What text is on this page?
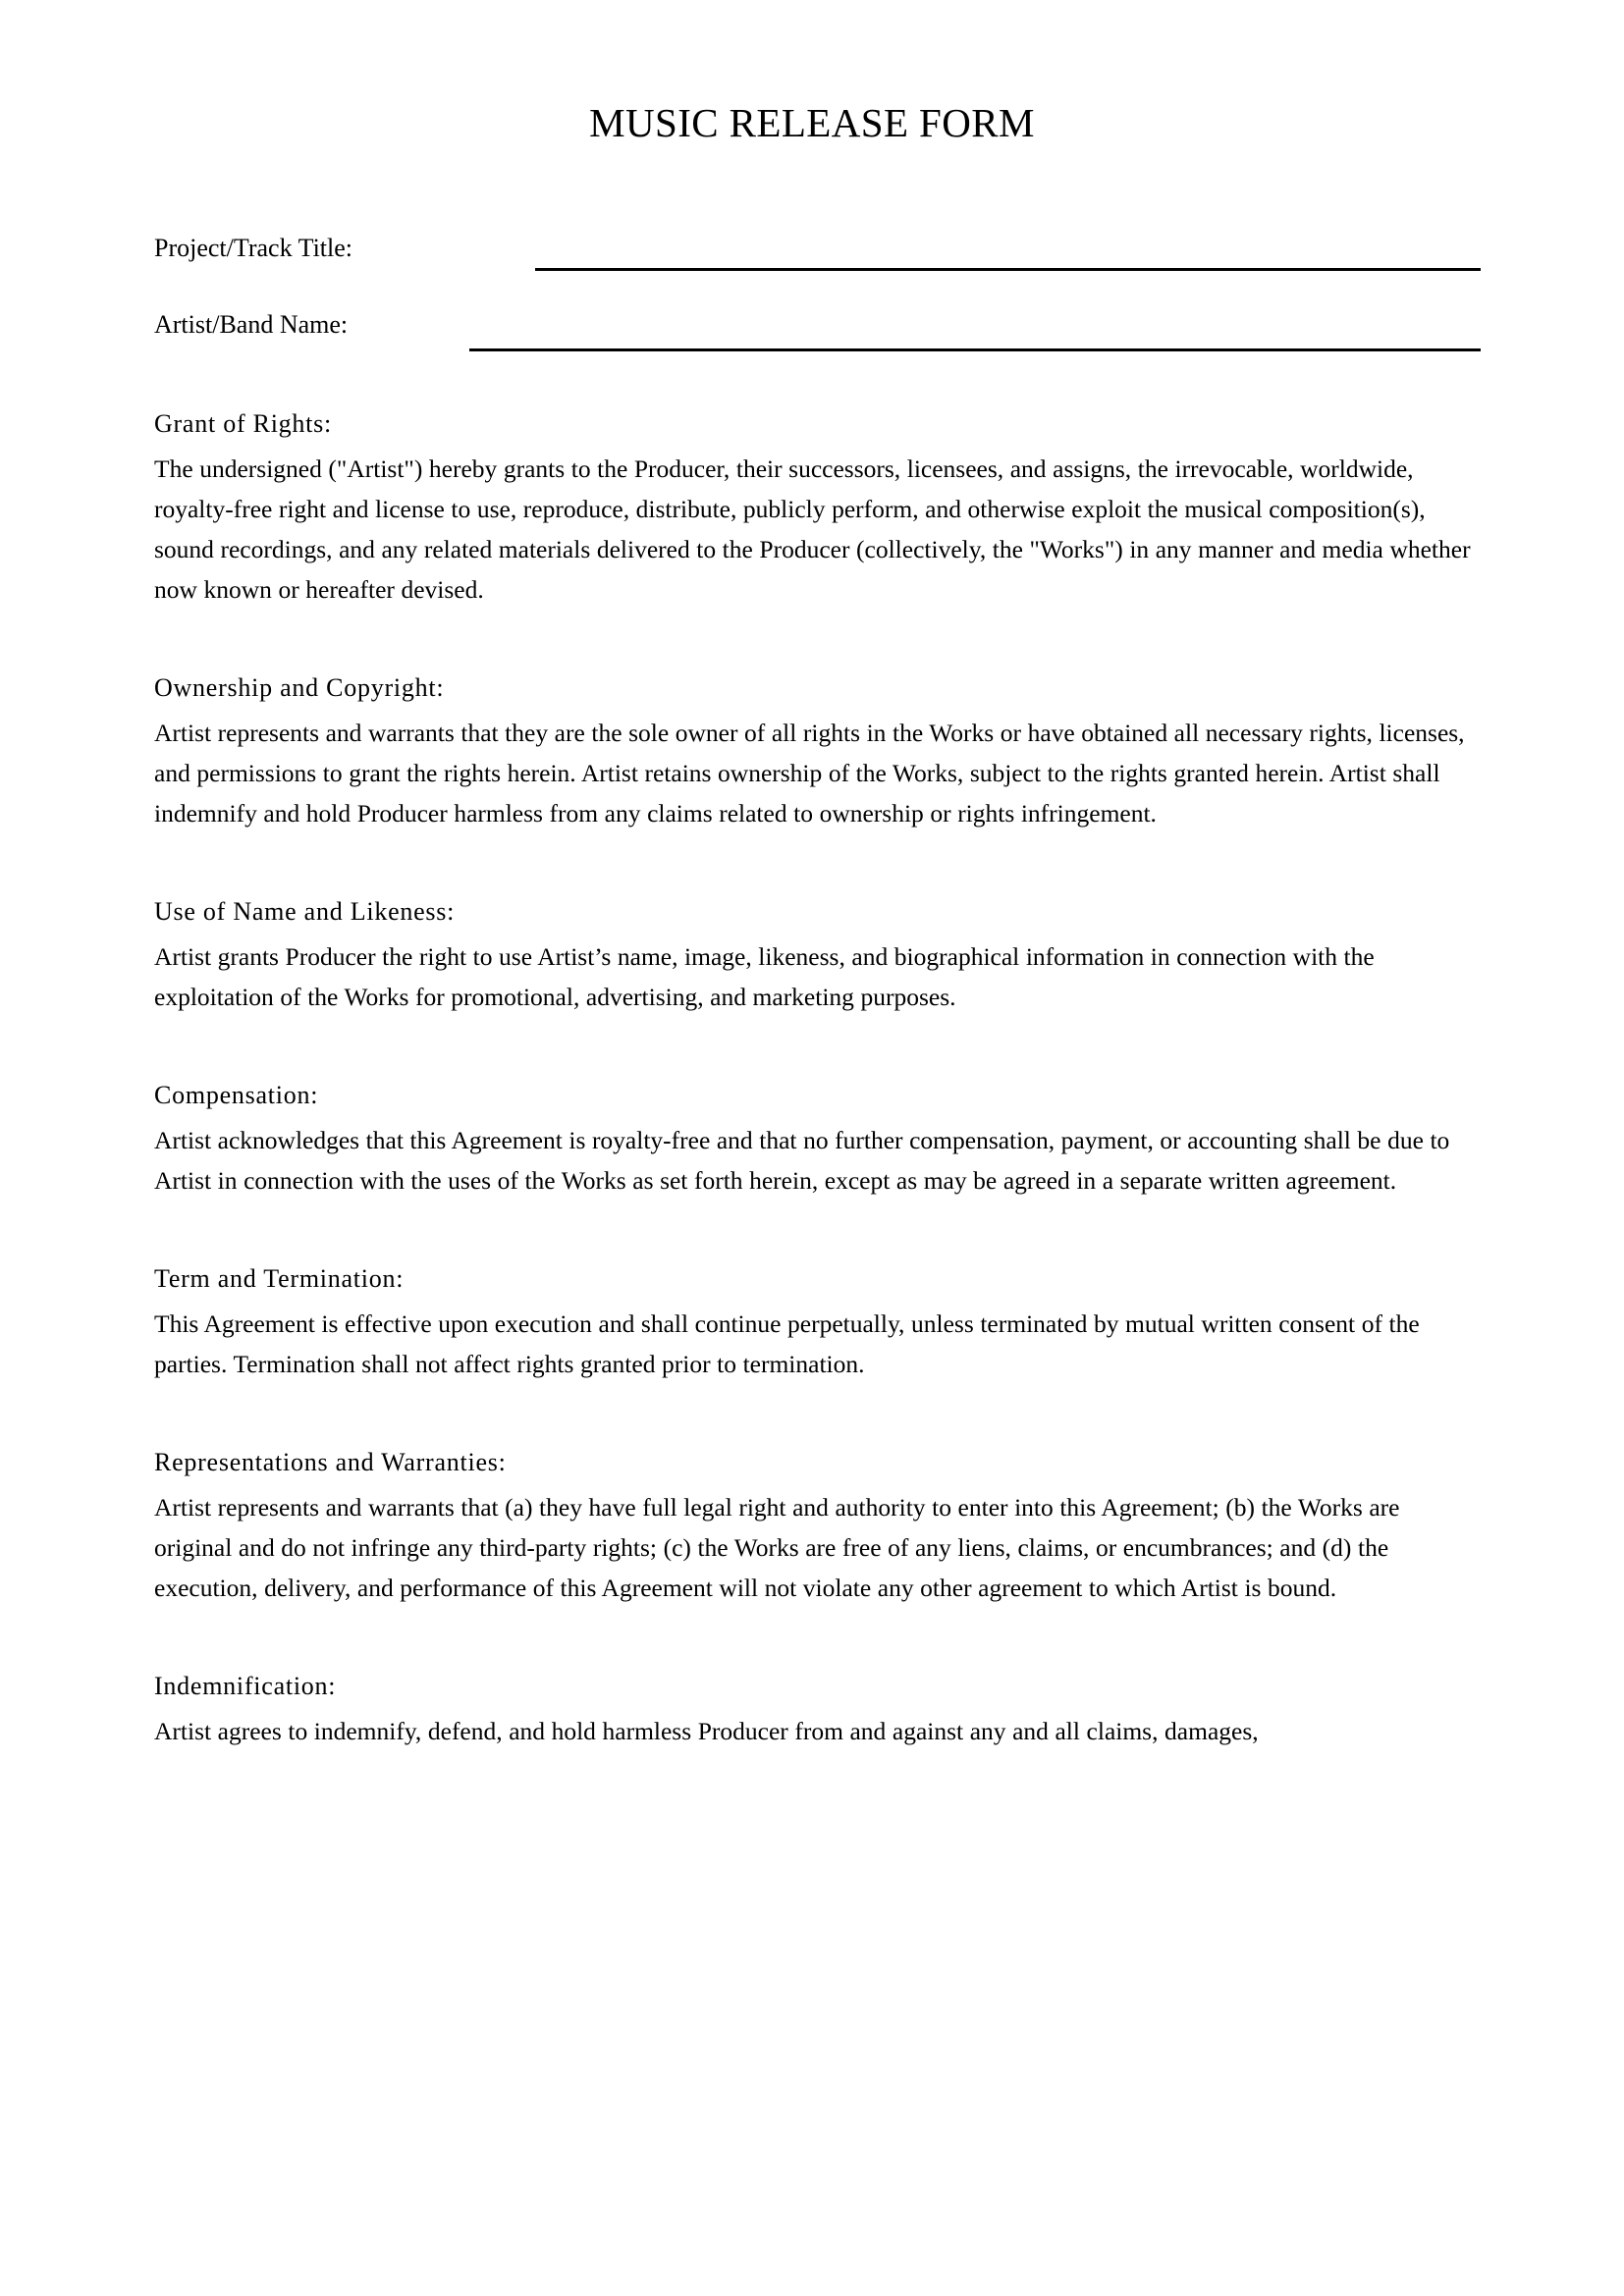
MUSIC RELEASE FORM
Project/Track Title:
Artist/Band Name:
Grant of Rights:

The undersigned ("Artist") hereby grants to the Producer, their successors, licensees, and assigns, the irrevocable, worldwide, royalty-free right and license to use, reproduce, distribute, publicly perform, and otherwise exploit the musical composition(s), sound recordings, and any related materials delivered to the Producer (collectively, the "Works") in any manner and media whether now known or hereafter devised.

Ownership and Copyright:

Artist represents and warrants that they are the sole owner of all rights in the Works or have obtained all necessary rights, licenses, and permissions to grant the rights herein. Artist retains ownership of the Works, subject to the rights granted herein. Artist shall indemnify and hold Producer harmless from any claims related to ownership or rights infringement.

Use of Name and Likeness:

Artist grants Producer the right to use Artist’s name, image, likeness, and biographical information in connection with the exploitation of the Works for promotional, advertising, and marketing purposes.

Compensation:

Artist acknowledges that this Agreement is royalty-free and that no further compensation, payment, or accounting shall be due to Artist in connection with the uses of the Works as set forth herein, except as may be agreed in a separate written agreement.

Term and Termination:

This Agreement is effective upon execution and shall continue perpetually, unless terminated by mutual written consent of the parties. Termination shall not affect rights granted prior to termination.

Representations and Warranties:

Artist represents and warrants that (a) they have full legal right and authority to enter into this Agreement; (b) the Works are original and do not infringe any third-party rights; (c) the Works are free of any liens, claims, or encumbrances; and (d) the execution, delivery, and performance of this Agreement will not violate any other agreement to which Artist is bound.

Indemnification:

Artist agrees to indemnify, defend, and hold harmless Producer from and against any and all claims, damages,
